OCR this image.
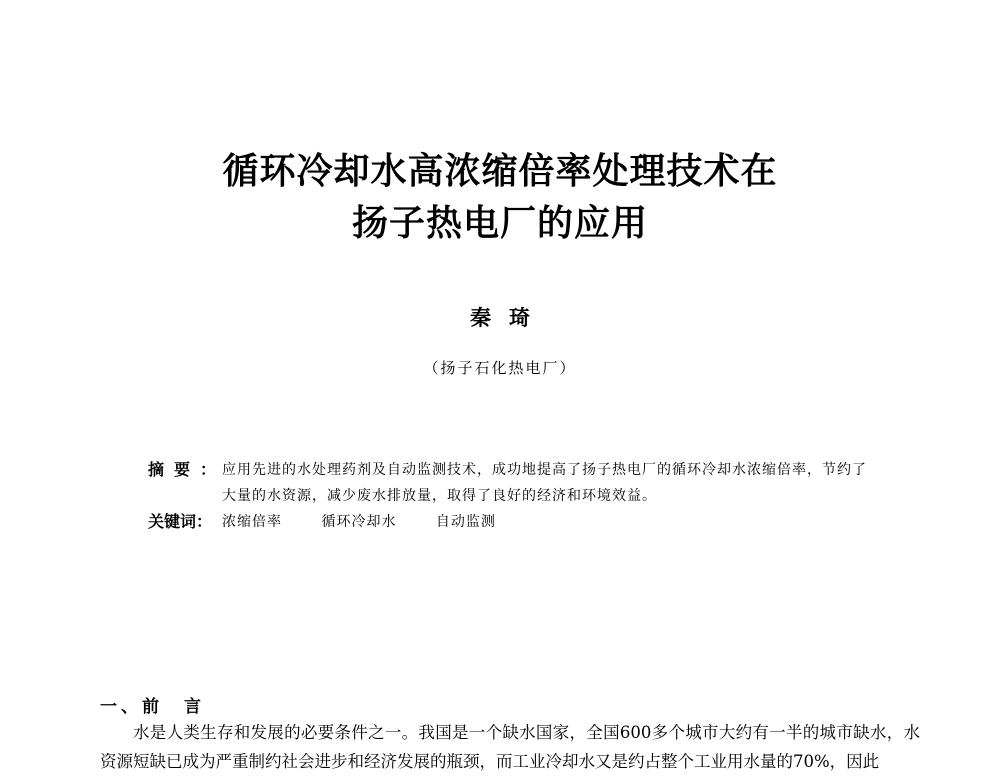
循环冷却水高浓缩倍率处理技术在
扬子热电厂的应用
秦琦
（扬子石化热电厂）
摘要：
应用先进的水处理药剂及自动监测技术，成功地提高了扬子热电厂的循环冷却水浓缩倍率，节约了大量的水资源，减少废水排放量，取得了良好的经济和环境效益。
关键词： 浓缩倍率	循环冷却水	自动监测
一、前　言

水是人类生存和发展的必要条件之一。我国是一个缺水国家，全国600多个城市大约有一半的城市缺水，水资源短缺已成为严重制约社会进步和经济发展的瓶颈，而工业冷却水又是约占整个工业用水量的70%，因此
